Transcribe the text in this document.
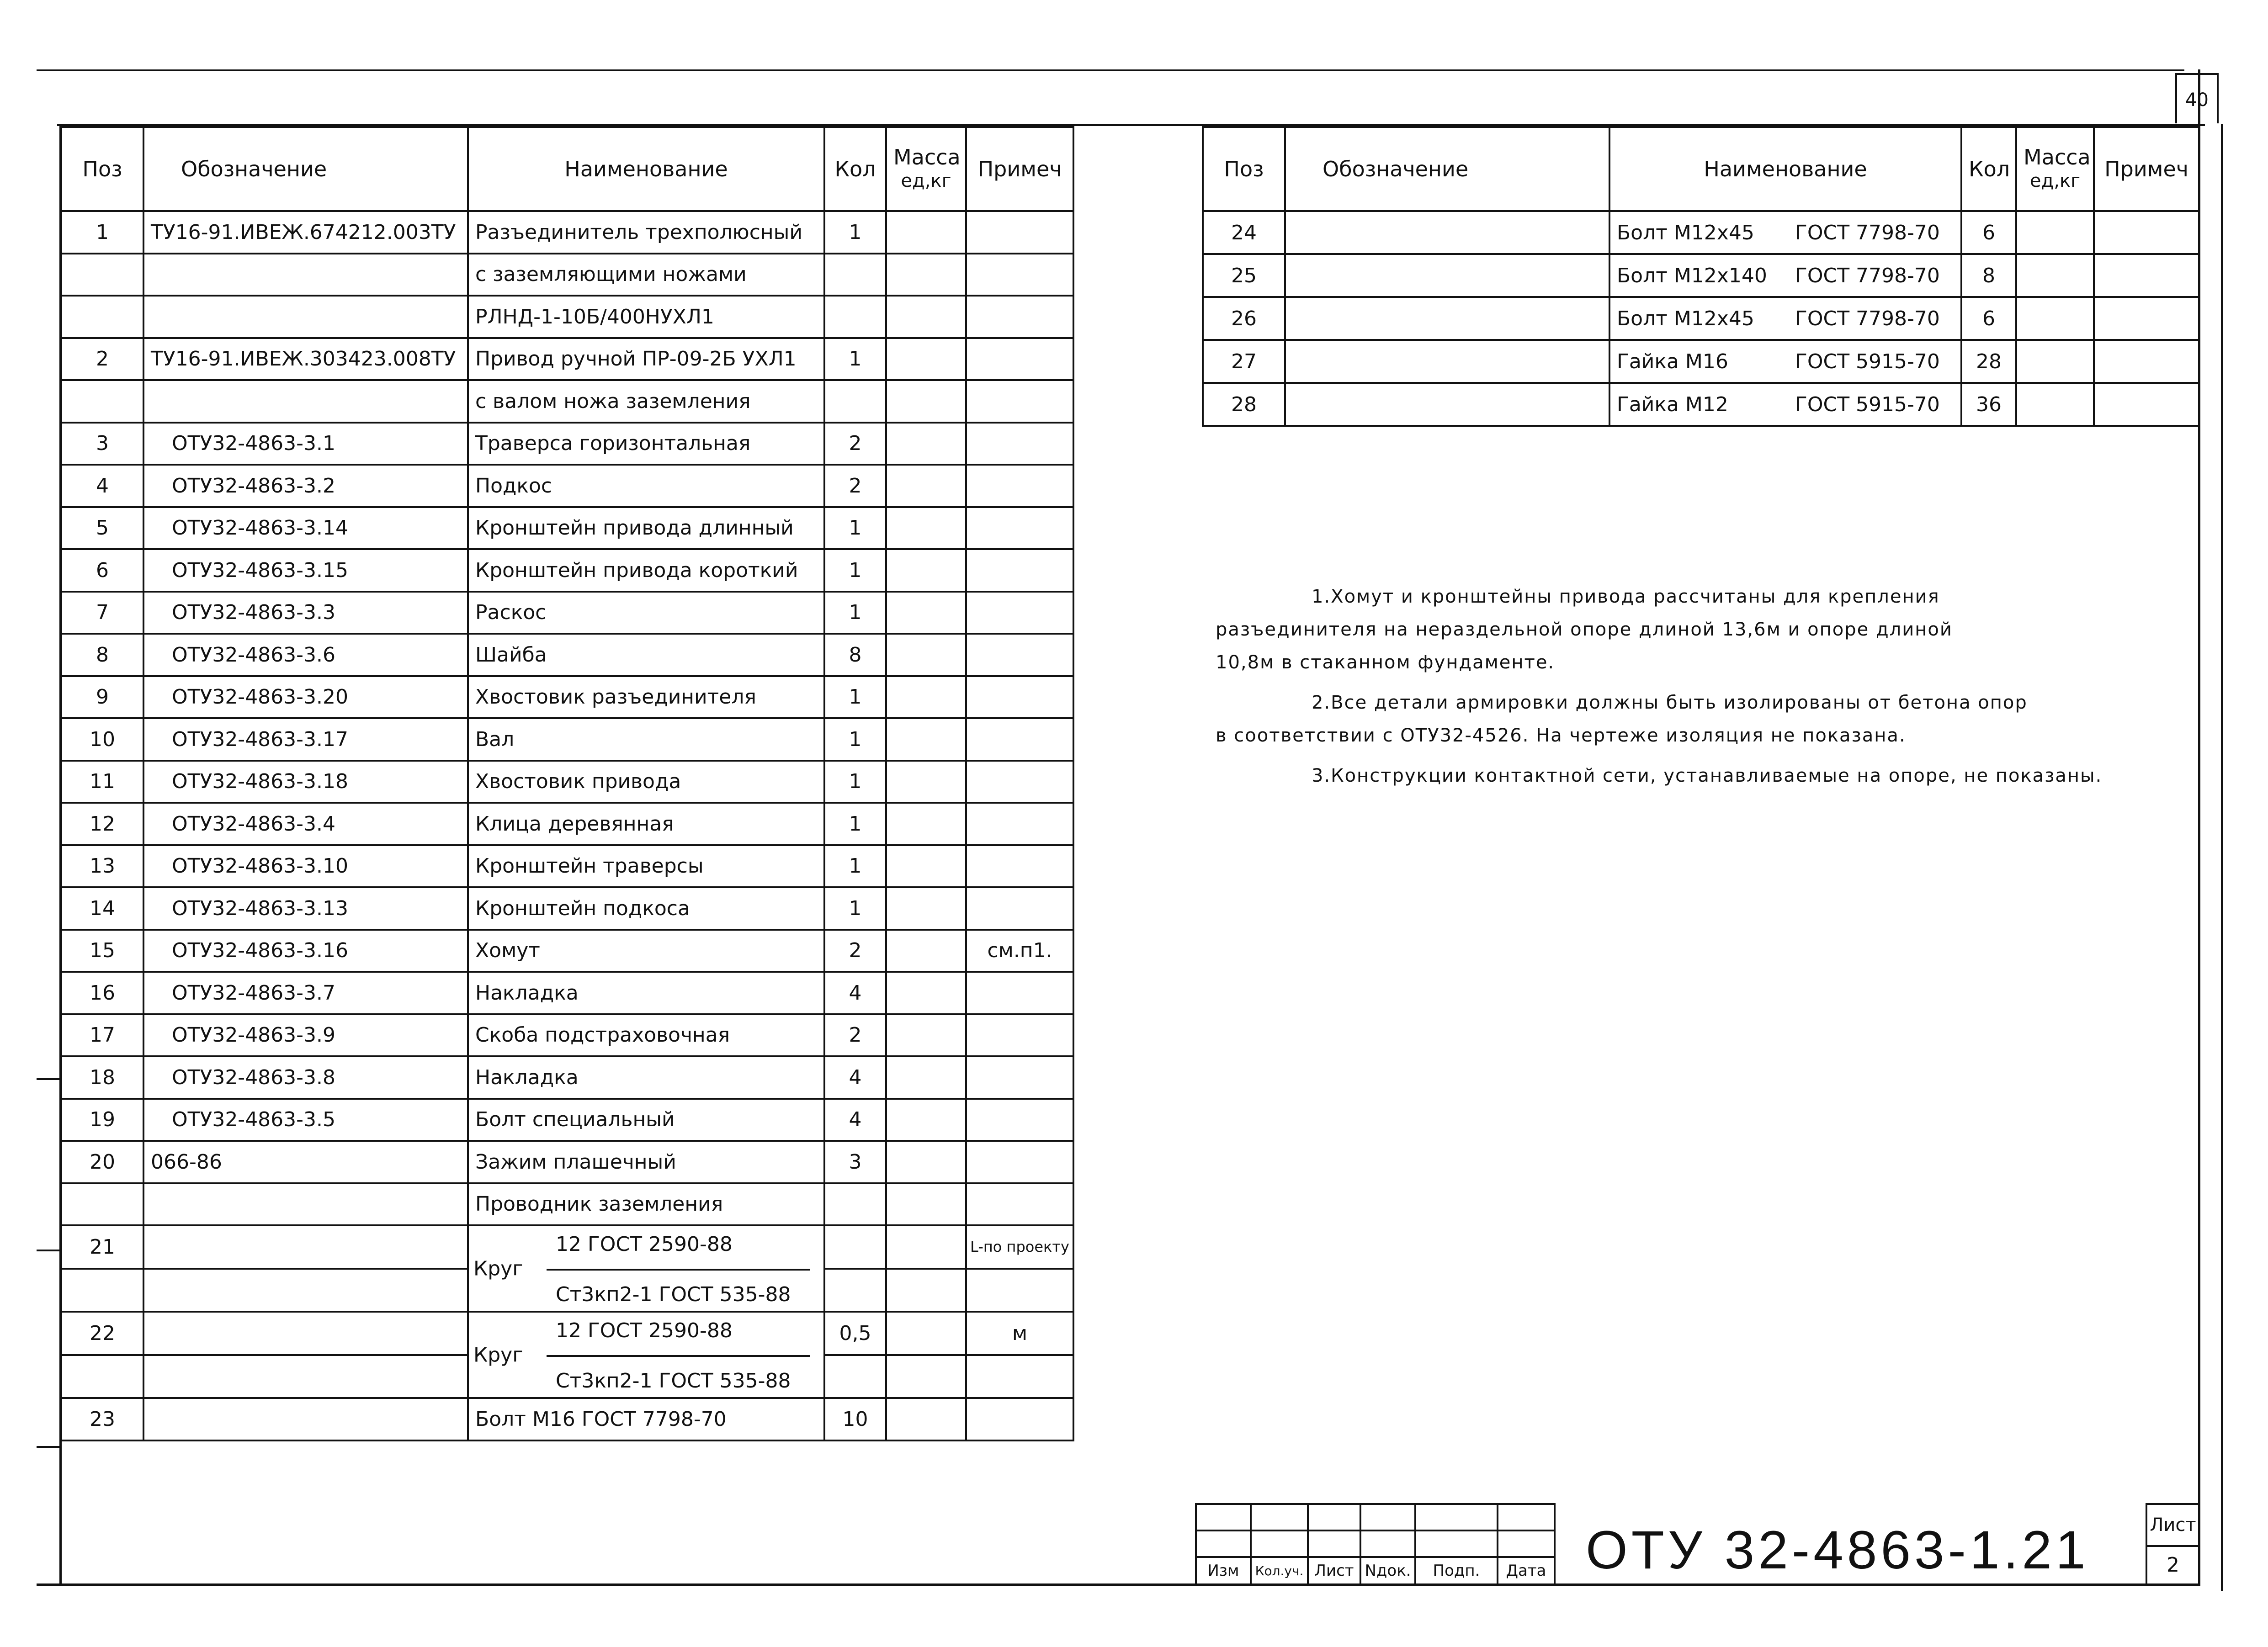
40
Поз	Обозначение	Наименование	Кол	Масса
ед,кг	Примеч
1	ТУ16-91.ИВЕЖ.674212.003ТУ	Разъединитель трехполюсный	1		
		с заземляющими ножами			
		РЛНД-1-10Б/400НУХЛ1			
2	ТУ16-91.ИВЕЖ.303423.008ТУ	Привод ручной ПР-09-2Б УХЛ1	1		
		с валом ножа заземления			
3	ОТУ32-4863-3.1	Траверса горизонтальная	2		
4	ОТУ32-4863-3.2	Подкос	2		
5	ОТУ32-4863-3.14	Кронштейн привода длинный	1		
6	ОТУ32-4863-3.15	Кронштейн привода короткий	1		
7	ОТУ32-4863-3.3	Раскос	1		
8	ОТУ32-4863-3.6	Шайба	8		
9	ОТУ32-4863-3.20	Хвостовик разъединителя	1		
10	ОТУ32-4863-3.17	Вал	1		
11	ОТУ32-4863-3.18	Хвостовик привода	1		
12	ОТУ32-4863-3.4	Клица деревянная	1		
13	ОТУ32-4863-3.10	Кронштейн траверсы	1		
14	ОТУ32-4863-3.13	Кронштейн подкоса	1		
15	ОТУ32-4863-3.16	Хомут	2		см.п1.
16	ОТУ32-4863-3.7	Накладка	4		
17	ОТУ32-4863-3.9	Скоба подстраховочная	2		
18	ОТУ32-4863-3.8	Накладка	4		
19	ОТУ32-4863-3.5	Болт специальный	4		
20	066-86	Зажим плашечный	3		
		Проводник заземления			
21		Круг
12 ГОСТ 2590-88
Ст3кп2-1 ГОСТ 535-88			L-по проекту

22		Круг
12 ГОСТ 2590-88
Ст3кп2-1 ГОСТ 535-88	0,5		м

23		Болт М16 ГОСТ 7798-70	10		
Поз	Обозначение	Наименование	Кол	Масса
ед,кг	Примеч
24		Болт М12х45 ГОСТ 7798-70	6		
25		Болт М12х140 ГОСТ 7798-70	8		
26		Болт М12х45 ГОСТ 7798-70	6		
27		Гайка М16 ГОСТ 5915-70	28		
28		Гайка М12 ГОСТ 5915-70	36		

1.Хомут и кронштейны привода рассчитаны для крепления

разъединителя на нераздельной опоре длиной 13,6м и опоре длиной

10,8м в стаканном фундаменте.

2.Все детали армировки должны быть изолированы от бетона опор

в соответствии с ОТУ32-4526. На чертеже изоляция не показана.

3.Конструкции контактной сети, устанавливаемые на опоре, не показаны.

Изм	Кол.уч.	Лист	Nдок.	Подп.	Дата ОТУ 32-4863-1.21	Лист
2
